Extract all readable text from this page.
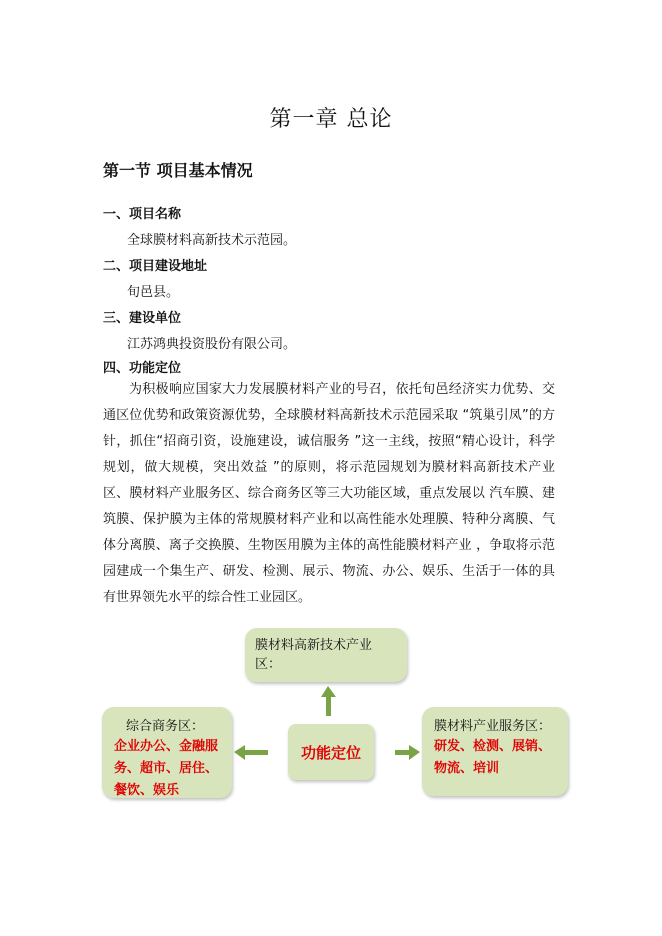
第一章 总论
第一节 项目基本情况
一、项目名称
全球膜材料高新技术示范园。
二、项目建设地址
旬邑县。
三、建设单位
江苏鸿典投资股份有限公司。
四、功能定位
为积极响应国家大力发展膜材料产业的号召，依托旬邑经济实力优势、交通区位优势和政策资源优势，全球膜材料高新技术示范园采取 “筑巢引凤”的方针，抓住“招商引资，设施建设，诚信服务 ”这一主线，按照“精心设计，科学规划，做大规模，突出效益 ”的原则，将示范园规划为膜材料高新技术产业区、膜材料产业服务区、综合商务区等三大功能区域，重点发展以 汽车膜、建筑膜、保护膜为主体的常规膜材料产业和以高性能水处理膜、特种分离膜、气体分离膜、离子交换膜、生物医用膜为主体的高性能膜材料产业 ，争取将示范园建成一个集生产、研发、检测、展示、物流、办公、娱乐、生活于一体的具有世界领先水平的综合性工业园区。
膜材料高新技术产业区：
综合商务区：
企业办公、金融服务、超市、居住、餐饮、娱乐
功能定位
膜材料产业服务区：
研发、检测、展销、物流、培训
